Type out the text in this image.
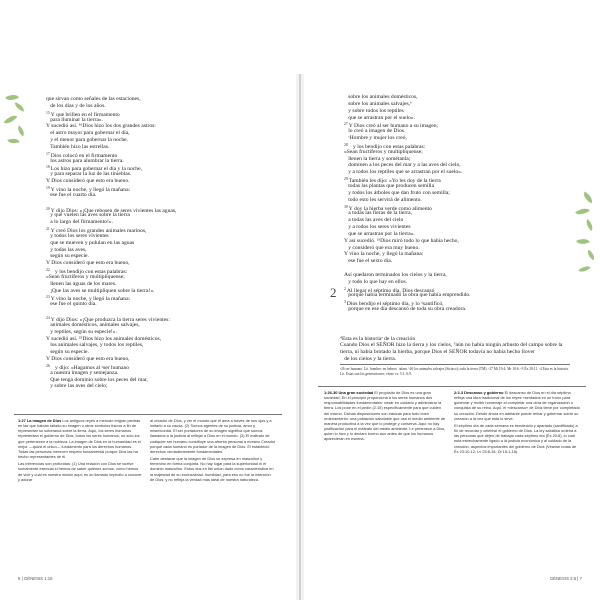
que sirvan como señales de las estaciones,
de los días y de los años.
$^{15}$Y que brillen en el firmamento
para iluminar la tierra».
Y sucedió así. ¹⁶Dios hizo los dos grandes astros:
el astro mayor para gobernar el día,
y el menor para gobernar la noche.
También hizo las estrellas.
$^{17}$Dios colocó en el firmamento
los astros para alumbrar la tierra.
$^{18}$Los hizo para gobernar el día y la noche,
y para separar la luz de las tinieblas.
Y Dios consideró que esto era bueno.
$^{19}$Y vino la noche, y llegó la mañana:
ese fue el cuarto día.
$^{20}$Y dijo Dios: «¡Que rebosen de seres vivientes las aguas,
y que vuelen las aves sobre la tierra
a lo largo del firmamento!».
$^{21}$Y creó Dios los grandes animales marinos,
y todos los seres vivientes
que se mueven y pululan en las aguas
y todas las aves,
según su especie.
Y Dios consideró que esto era bueno,
$^{22}$   y los bendijo con estas palabras:
«Sean fructíferos y multiplíquense;
llenen las aguas de los mares.
¡Que las aves se multipliquen sobre la tierra!».
$^{23}$Y vino la noche, y llegó la mañana:
ese fue el quinto día.
$^{24}$Y dijo Dios: «¡Que produzca la tierra seres vivientes:
animales domésticos, animales salvajes,
y reptiles, según su especie!».
Y sucedió así. ²⁵Dios hizo los animales domésticos,
los animales salvajes, y todos los reptiles,
según su especie.
Y Dios consideró que esto era bueno,
$^{26}$   y dijo: «Hagamos al ᵃser humano
a nuestra imagen y semejanza.
Que tenga dominio sobre los peces del mar,
y sobre las aves del cielo;

1:27 La imagen de Dios Los antiguos reyes a menudo erigían piedras en las que habían tallado su imagen u otros símbolos físicos a fin de representar su soberanía sobre la tierra. Aquí, los seres humanos representan el gobierno de Dios, todos los seres humanos, no solo los que pertenecen a la nobleza. La imagen de Dios en la humanidad es el mejor —quizá el único— fundamento para los derechos humanos. Todas las personas merecen respeto fundamental porque Dios las ha hecho representantes de él.

Las inferencias son profundas: (1) Una relación con Dios se vuelve sumamente esencial si hemos de saber quiénes somos, cómo hemos de vivir y cuál es nuestra misión aquí; es un llamado implícito a conocer y adorar

al creador de Dios, y ver el mundo que él ama a través de sus ojos y a imitarlo a su causa. (2) Somos agentes de su justicia, amor y misericordia. El ser portadores de su imagen significa que somos llamados a la justicia al reflejar a Dios en el mundo. (3) El maltrato de cualquier ser humano constituye una afrenta personal a nuestro Creador porque cada humano es portador de la imagen de Dios. Él estableció derechos verdaderamente fundamentales.

Cabe destacar que la imagen de Dios se expresa en masculino y femenino en forma conjunta. No hay lugar para la superioridad ni el dominio masculino. Estos dos en fiel unión dado como característica en la majestad de su exclusividad, humildad, para eso no fue la intención de Dios, y no refleja la verdad más ideal de nuestra naturaleza.

6 | GÉNESIS 1:15
sobre los animales domésticos,
sobre los animales salvajes,ᵇ
y sobre todos los reptiles
que se arrastran por el suelo».
$^{27}$Y Dios creó al ser humano a su imagen;
lo creó a imagen de Dios.
ᶜHombre y mujer los creó,
$^{28}$   y los bendijo con estas palabras:
«Sean fructíferos y multiplíquense;
llenen la tierra y sométanla;
dominen a los peces del mar y a las aves del cielo,
y a todos los reptiles que se arrastran por el suelo».
$^{29}$También les dijo: «Yo les doy de la tierra
todas las plantas que producen semilla
y todos los árboles que dan fruto con semilla;
todo esto les servirá de alimento.
$^{30}$Y doy la hierba verde como alimento
a todas las fieras de la tierra,
a todas las aves del cielo
y a todos los seres vivientes
que se arrastran por la tierra».
Y así sucedió. ³¹Dios miró todo lo que había hecho,
y consideró que era muy bueno.
Y vino la noche, y llegó la mañana:
ese fue el sexto día.
Así quedaron terminados los cielos y la tierra,
y todo lo que hay en ellos.
$^2$Al llegar el séptimo día, Dios descansó
porque había terminado la obra que había emprendido.
$^3$Dios bendijo el séptimo día, y lo ᵈsantificó,
porque en ese día descansó de toda su obra creadora.
2

⁴Esta es la historiaᵉ de la creación

de los cielos y la tierra.

Cuando Dios el SEÑOR hizo la tierra y los cielos, ⁵aún no había ningún arbusto del campo sobre la tierra, ni había brotado la hierba, porque Dios el SEÑOR todavía no había hecho llover
ᵃ26 ser humano. Lit. hombre; en hebreo ʾadam. ᵇ26 los animales salvajes (Siríaco); toda la tierra (TM). ᶜ27 Mt 19:4; Mr 10:6. ᵈ3 Éx 20:11. ᵉ4 Esta es la historia. Lit. Estas son las generaciones; véase vv. 5:1; 6:9.

1:26-30 Una gran sociedad El propósito de Dios es una gran sociedad. En el principio proporciona a los seres humanos dos responsabilidades fundamentales: cesar en cuidado y administrar la tierra. Los pone en el jardín (2:15) específicamente para que cuiden del mismo. Dichas disposiciones son básicas para todo buen ordenamiento: una población saludable que usa el medio ambiente de manera productiva a la vez que lo protege y conserva. Aquí no hay justificación para el maltrato del medio ambiente. Le pertenece a Dios, quien lo hizo y lo declaró bueno aun antes de que los humanos aparecieran en escena.

2:2-3 Descanso y gobierno El descanso de Dios en el día séptimo refleja una idea tradicional de los reyes «sentados en un trono para gobernar y recibir homenaje al completar una obra de organización o conquista de su reino. Aquí, el «descanso» de Dios tiene por completado su creación. Desde ahora en adelante puede reinar y gobernar sobre su creación a la vez que esta lo sirve.

El séptimo día de cada semana es bendecido y apartado (santificado) a fin de recordar y celebrar el gobierno de Dios. La ley sabática ordena a las personas que dejen de trabajar cada séptimo día (Éx 20:8), lo cual está estrechamente ligado a la justicia económica y al cuidado de la creación, aspectos importantes del gobierno de Dios (Véanse notas de Éx 23:10-12; Lv 25:8-34; Dt 15:1-18).

GÉNESIS 2:5 | 7
